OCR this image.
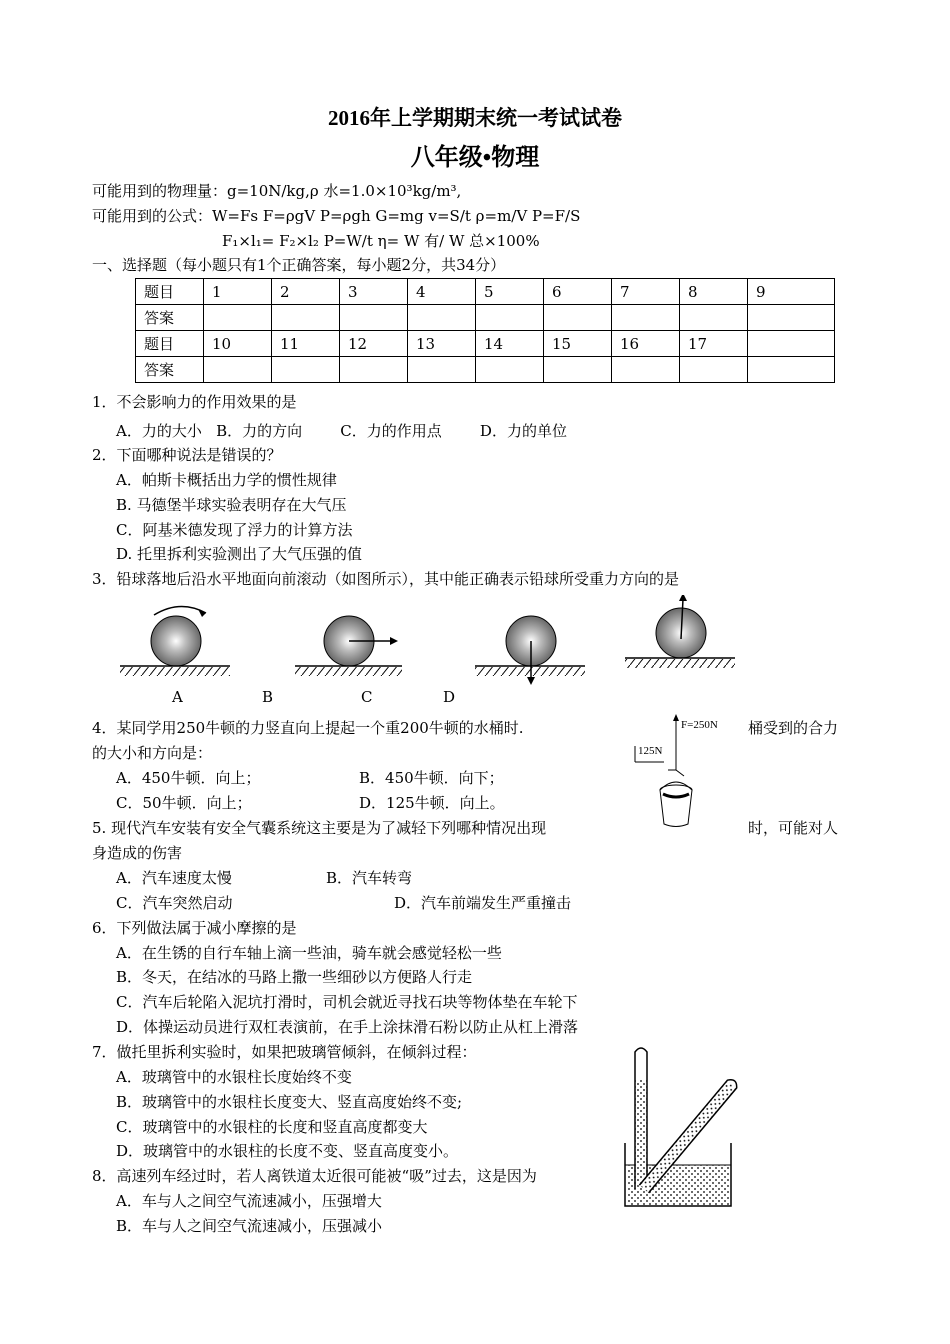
2016年上学期期末统一考试试卷
八年级•物理
可能用到的物理量：g=10N/kg,ρ 水=1.0×10³kg/m³,
可能用到的公式：W=Fs F=ρgV P=ρgh G=mg v=S/t ρ=m/V P=F/S
F₁×l₁= F₂×l₂ P=W/t η= W 有/ W 总×100%
一、选择题（每小题只有1个正确答案，每小题2分，共34分）
题目	1	2	3	4	5	6	7	8	9
答案									
题目	10	11	12	13	14	15	16	17	
答案									
1．不会影响力的作用效果的是
A．力的大小   B．力的方向        C．力的作用点        D．力的单位
2．下面哪种说法是错误的？
A．帕斯卡概括出力学的惯性规律
B. 马德堡半球实验表明存在大气压
C．阿基米德发现了浮力的计算方法
D. 托里拆利实验测出了大气压强的值
3．铅球落地后沿水平地面向前滚动（如图所示），其中能正确表示铅球所受重力方向的是
A	B	C	D
4．某同学用250牛顿的力竖直向上提起一个重200牛顿的水桶时.	桶受到的合力
的大小和方向是：
A．450牛顿．向上；	B．450牛顿．向下；
C．50牛顿．向上；	D．125牛顿．向上。
F=250N
125N
5. 现代汽车安装有安全气囊系统这主要是为了减轻下列哪种情况出现	时，可能对人
身造成的伤害
A．汽车速度太慢	B．汽车转弯
C．汽车突然启动	D．汽车前端发生严重撞击
6．下列做法属于减小摩擦的是
A．在生锈的自行车轴上滴一些油，骑车就会感觉轻松一些
B．冬天，在结冰的马路上撒一些细砂以方便路人行走
C．汽车后轮陷入泥坑打滑时，司机会就近寻找石块等物体垫在车轮下
D．体操运动员进行双杠表演前，在手上涂抹滑石粉以防止从杠上滑落
7．做托里拆利实验时，如果把玻璃管倾斜，在倾斜过程：
A．玻璃管中的水银柱长度始终不变
B．玻璃管中的水银柱长度变大、竖直高度始终不变;
C．玻璃管中的水银柱的长度和竖直高度都变大
D．玻璃管中的水银柱的长度不变、竖直高度变小。
8．高速列车经过时，若人离铁道太近很可能被“吸”过去，这是因为
A．车与人之间空气流速减小，压强增大
B．车与人之间空气流速减小，压强减小
